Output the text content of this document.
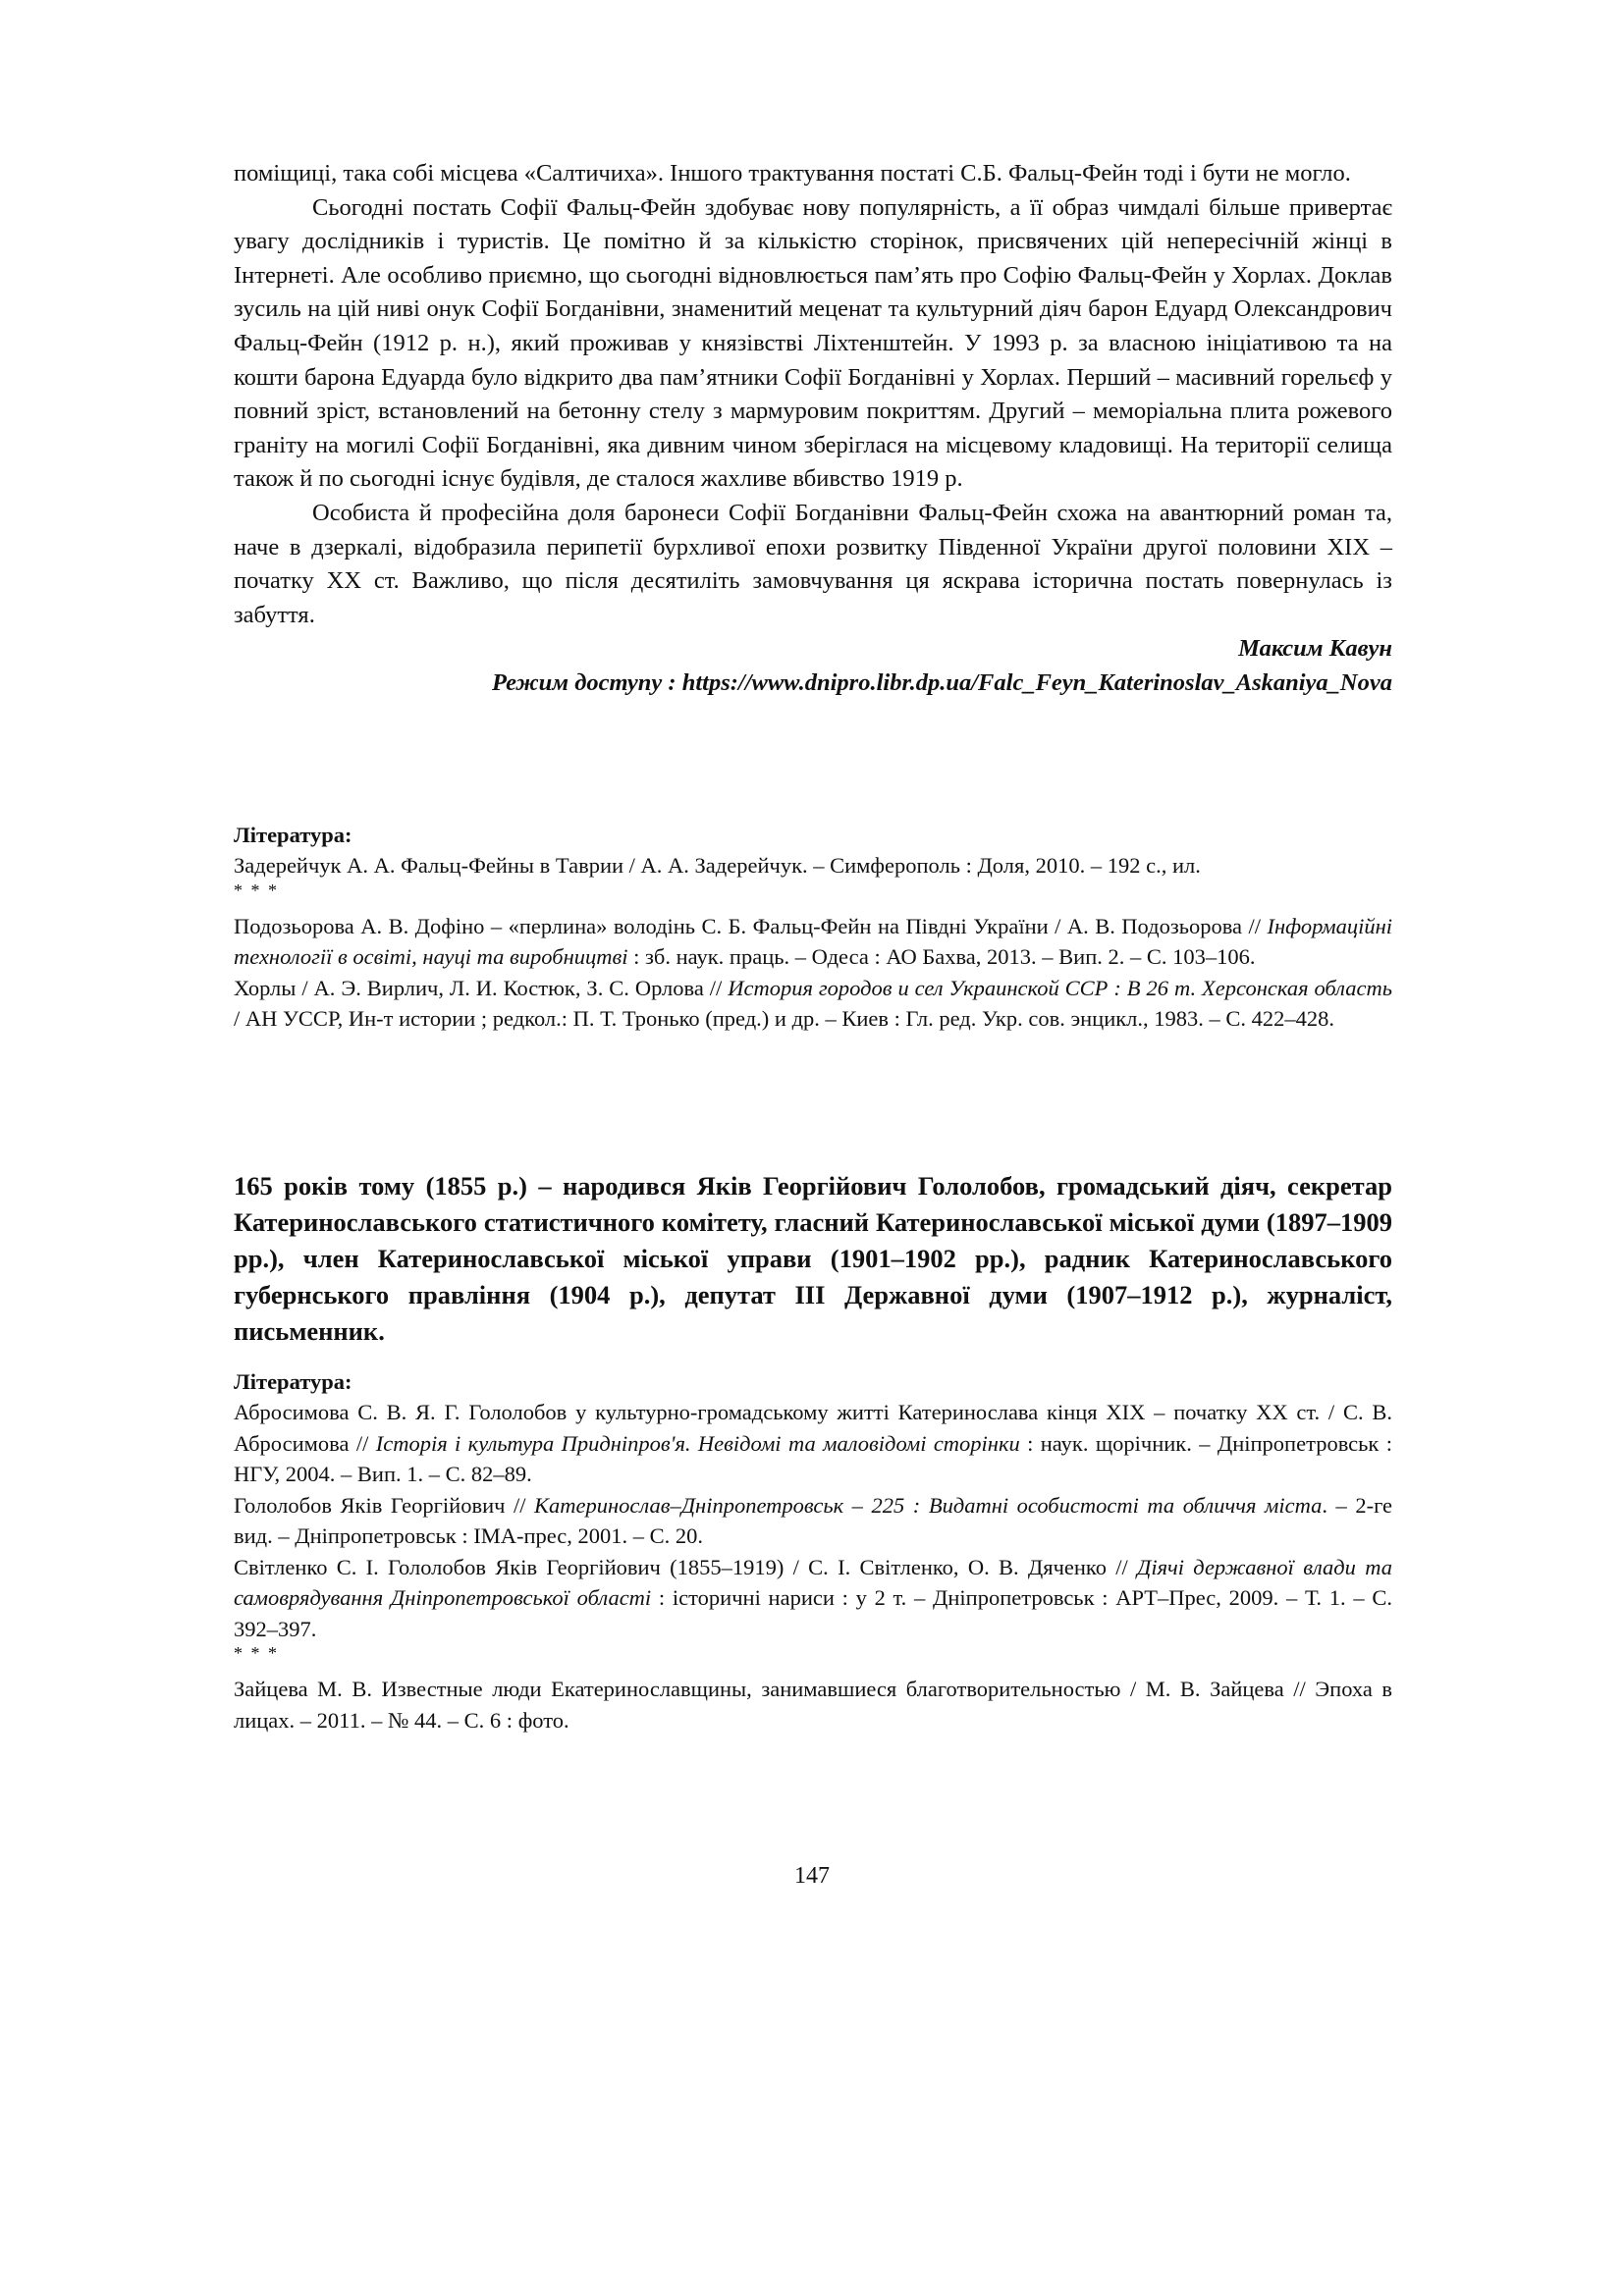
поміщиці, така собі місцева «Салтичиха». Іншого трактування постаті С.Б. Фальц-Фейн тоді і бути не могло.

Сьогодні постать Софії Фальц-Фейн здобуває нову популярність, а її образ чимдалі більше привертає увагу дослідників і туристів. Це помітно й за кількістю сторінок, присвячених цій непересічній жінці в Інтернеті. Але особливо приємно, що сьогодні відновлюється пам’ять про Софію Фальц-Фейн у Хорлах. Доклав зусиль на цій ниві онук Софії Богданівни, знаменитий меценат та культурний діяч барон Едуард Олександрович Фальц-Фейн (1912 р. н.), який проживав у князівстві Ліхтенштейн. У 1993 р. за власною ініціативою та на кошти барона Едуарда було відкрито два пам’ятники Софії Богданівні у Хорлах. Перший – масивний горельєф у повний зріст, встановлений на бетонну стелу з мармуровим покриттям. Другий – меморіальна плита рожевого граніту на могилі Софії Богданівні, яка дивним чином зберіглася на місцевому кладовищі. На території селища також й по сьогодні існує будівля, де сталося жахливе вбивство 1919 р.

Особиста й професійна доля баронеси Софії Богданівни Фальц-Фейн схожа на авантюрний роман та, наче в дзеркалі, відобразила перипетії бурхливої епохи розвитку Південної України другої половини ХІХ – початку ХХ ст. Важливо, що після десятиліть замовчування ця яскрава історична постать повернулась із забуття.

Максим Кавун
Режим доступу : https://www.dnipro.libr.dp.ua/Falc_Feyn_Katerinoslav_Askaniya_Nova

Література:

Задерейчук А. А. Фальц-Фейны в Таврии / А. А. Задерейчук. – Симферополь : Доля, 2010. – 192 с., ил.

* * *

Подозьорова А. В. Дофіно – «перлина» володінь С. Б. Фальц-Фейн на Півдні України / А. В. Подозьорова // Інформаційні технології в освіті, науці та виробництві : зб. наук. праць. – Одеса : АО Бахва, 2013. – Вип. 2. – С. 103–106.

Хорлы / А. Э. Вирлич, Л. И. Костюк, З. С. Орлова // История городов и сел Украинской ССР : В 26 т. Херсонская область / АН УССР, Ин-т истории ; редкол.: П. Т. Тронько (пред.) и др. – Киев : Гл. ред. Укр. сов. энцикл., 1983. – С. 422–428.

165 років тому (1855 р.) – народився Яків Георгійович Гололобов, громадський діяч, секретар Катеринославського статистичного комітету, гласний Катеринославської міської думи (1897–1909 рр.), член Катеринославської міської управи (1901–1902 рр.), радник Катеринославського губернського правління (1904 р.), депутат ІІІ Державної думи (1907–1912 р.), журналіст, письменник.

Література:

Абросимова С. В. Я. Г. Гололобов у культурно-громадському житті Катеринослава кінця ХІХ – початку ХХ ст. / С. В. Абросимова // Історія і культура Придніпров'я. Невідомі та маловідомі сторінки : наук. щорічник. – Дніпропетровськ : НГУ, 2004. – Вип. 1. – С. 82–89.

Гололобов Яків Георгійович // Катеринослав–Дніпропетровськ – 225 : Видатні особистості та обличчя міста. – 2-ге вид. – Дніпропетровськ : ІМА-прес, 2001. – С. 20.

Світленко С. І. Гололобов Яків Георгійович (1855–1919) / С. І. Світленко, О. В. Дяченко // Діячі державної влади та самоврядування Дніпропетровської області : історичні нариси : у 2 т. – Дніпропетровськ : АРТ–Прес, 2009. – Т. 1. – С. 392–397.

* * *

Зайцева М. В. Известные люди Екатеринославщины, занимавшиеся благотворительностью / М. В. Зайцева // Эпоха в лицах. – 2011. – № 44. – С. 6 : фото.

147
